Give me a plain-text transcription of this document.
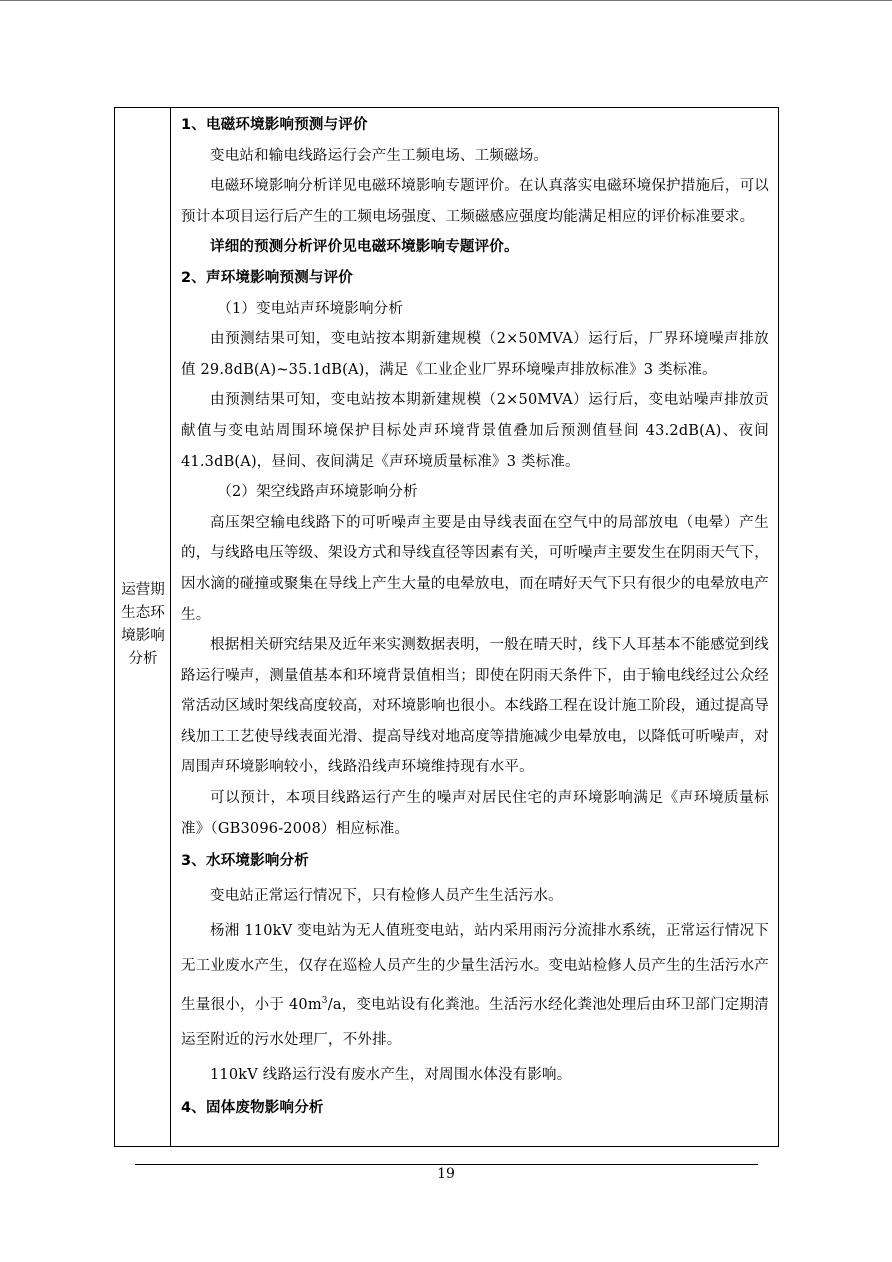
运营期
生态环
境影响
分析

1、电磁环境影响预测与评价

变电站和输电线路运行会产生工频电场、工频磁场。

电磁环境影响分析详见电磁环境影响专题评价。在认真落实电磁环境保护措施后，可以预计本项目运行后产生的工频电场强度、工频磁感应强度均能满足相应的评价标准要求。

详细的预测分析评价见电磁环境影响专题评价。

2、声环境影响预测与评价

（1）变电站声环境影响分析

由预测结果可知，变电站按本期新建规模（2×50MVA）运行后，厂界环境噪声排放值 29.8dB(A)~35.1dB(A)，满足《工业企业厂界环境噪声排放标准》3 类标准。

由预测结果可知，变电站按本期新建规模（2×50MVA）运行后，变电站噪声排放贡献值与变电站周围环境保护目标处声环境背景值叠加后预测值昼间 43.2dB(A)、夜间 41.3dB(A)，昼间、夜间满足《声环境质量标准》3 类标准。

（2）架空线路声环境影响分析

高压架空输电线路下的可听噪声主要是由导线表面在空气中的局部放电（电晕）产生的，与线路电压等级、架设方式和导线直径等因素有关，可听噪声主要发生在阴雨天气下，因水滴的碰撞或聚集在导线上产生大量的电晕放电，而在晴好天气下只有很少的电晕放电产生。

根据相关研究结果及近年来实测数据表明，一般在晴天时，线下人耳基本不能感觉到线路运行噪声，测量值基本和环境背景值相当；即使在阴雨天条件下，由于输电线经过公众经常活动区域时架线高度较高，对环境影响也很小。本线路工程在设计施工阶段，通过提高导线加工工艺使导线表面光滑、提高导线对地高度等措施减少电晕放电，以降低可听噪声，对周围声环境影响较小，线路沿线声环境维持现有水平。

可以预计，本项目线路运行产生的噪声对居民住宅的声环境影响满足《声环境质量标准》（GB3096-2008）相应标准。

3、水环境影响分析

变电站正常运行情况下，只有检修人员产生生活污水。

杨湘 110kV 变电站为无人值班变电站，站内采用雨污分流排水系统，正常运行情况下无工业废水产生，仅存在巡检人员产生的少量生活污水。变电站检修人员产生的生活污水产生量很小，小于 $40m^3/a$，变电站设有化粪池。生活污水经化粪池处理后由环卫部门定期清运至附近的污水处理厂，不外排。

110kV 线路运行没有废水产生，对周围水体没有影响。

4、固体废物影响分析

19
